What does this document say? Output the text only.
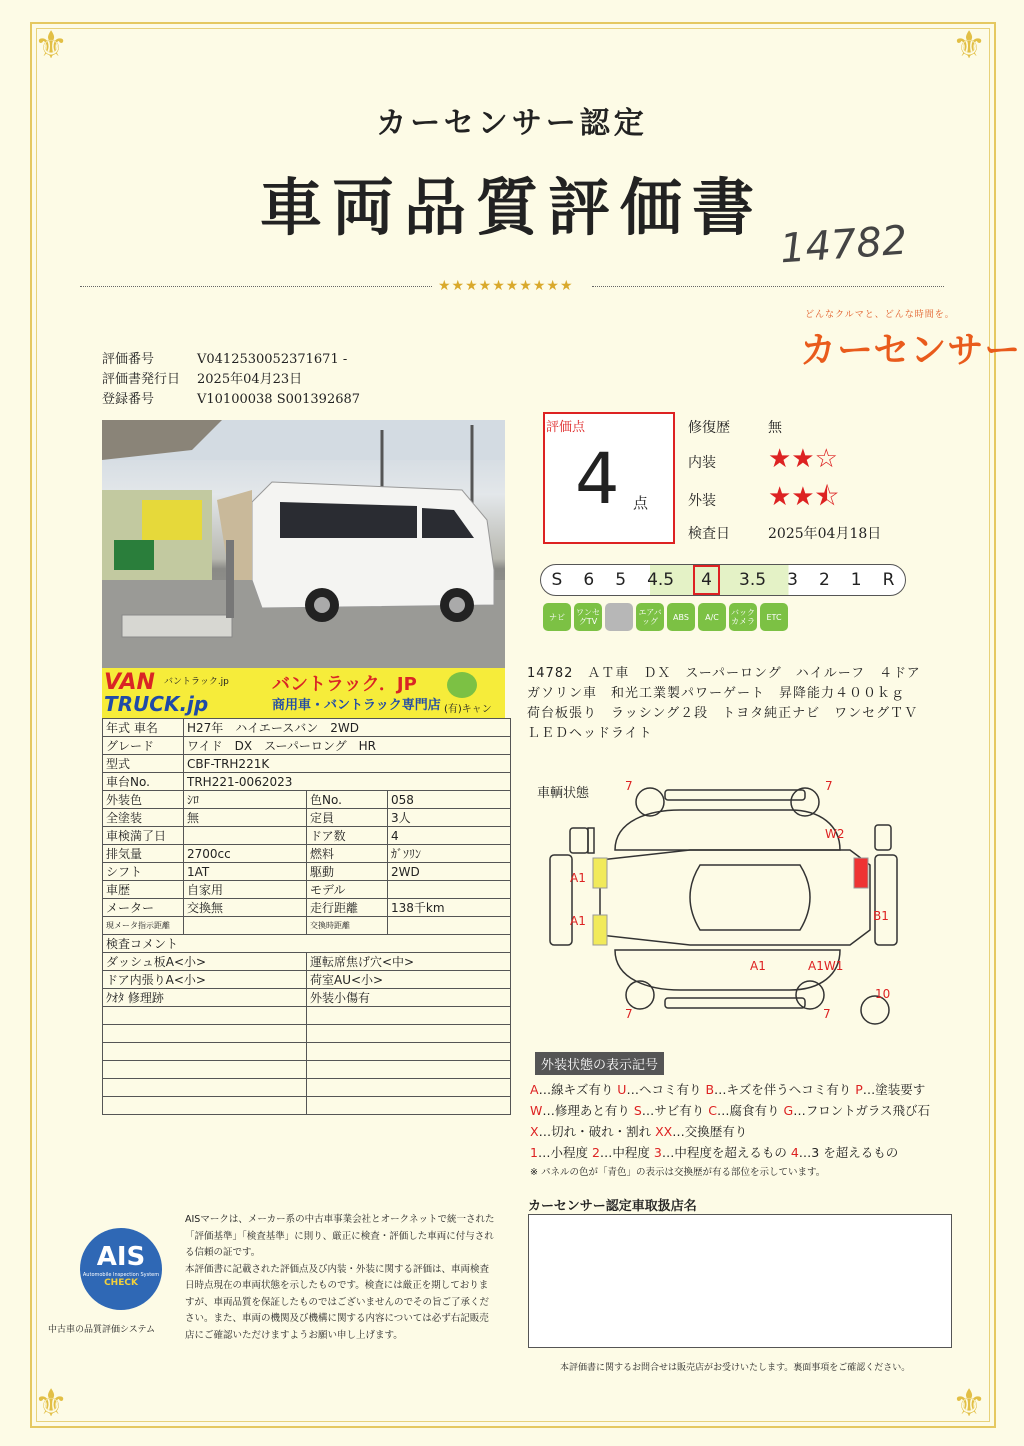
⚜	⚜
⚜	⚜
カーセンサー認定
車両品質評価書
14782
★★★★★★★★★★
どんなクルマと、どんな時間を。
カーセンサー
評価番号	V0412530052371671 -
評価書発行日 2025年04月23日
登録番号	V10100038 S001392687
VAN バントラック.jp
TRUCK.jp
バントラック．JP
商用車・バントラック専門店 (有)キャン
年式 車名	H27年　ハイエースバン　2WD		
グレード	ワイド　DX　スーパーロング　HR		
型式	CBF-TRH221K		
車台No.	TRH221-0062023		
外装色	ｼﾛ	色No.	058
全塗装	無	定員	3人
車検満了日		ドア数	4
排気量	2700cc	燃料	ｶﾞｿﾘﾝ
シフト	1AT	駆動	2WD
車歴	自家用	モデル	
メーター	交換無	走行距離	138千km
現メータ指示距離		交換時距離	
検査コメント			
ダッシュ板A<小>		運転席焦げ穴<中>	
ドア内張りA<小>		荷室AU<小>	
ｸｵﾀ 修理跡		外装小傷有	

評価点
4 点
修復歴	無
内装 ★★☆
外装 ★★⯪
検査日	2025年04月18日
S 6 5 4.5	4	3.5 3 2 1 R
ナビ	ワンセグTV
エアバッグ	ABS	A/C	バックカメラ	ETC
14782　ＡＴ車　ＤＸ　スーパーロング　ハイルーフ　４ドア　ガソリン車　和光工業製パワーゲート　昇降能力４００ｋｇ　荷台板張り　ラッシング２段　トヨタ純正ナビ　ワンセグＴＶ　ＬＥＤヘッドライト
車輌状態	7	7
W2
A1
A1	B1
A1	A1W1
7	7
10
外装状態の表示記号
A…線キズ有り U…ヘコミ有り B…キズを伴うヘコミ有り P…塗装要す
W…修理あと有り S…サビ有り C…腐食有り G…フロントガラス飛び石
X…切れ・破れ・割れ XX…交換歴有り
1…小程度 2…中程度 3…中程度を超えるもの 4…3 を超えるもの
※ パネルの色が「青色」の表示は交換歴が有る部位を示しています。
カーセンサー認定車取扱店名
AIS
Automobile Inspection System
CHECK
中古車の品質評価システム
AISマークは、メーカー系の中古車事業会社とオークネットで統一された「評価基準」「検査基準」に則り、厳正に検査・評価した車両に付与される信頼の証です。
本評価書に記載された評価点及び内装・外装に関する評価は、車両検査日時点現在の車両状態を示したものです。検査には厳正を期しておりますが、車両品質を保証したものではございませんのでその旨ご了承ください。また、車両の機関及び機構に関する内容については必ず右記販売店にご確認いただけますようお願い申し上げます。
本評価書に関するお問合せは販売店がお受けいたします。裏面事項をご確認ください。
